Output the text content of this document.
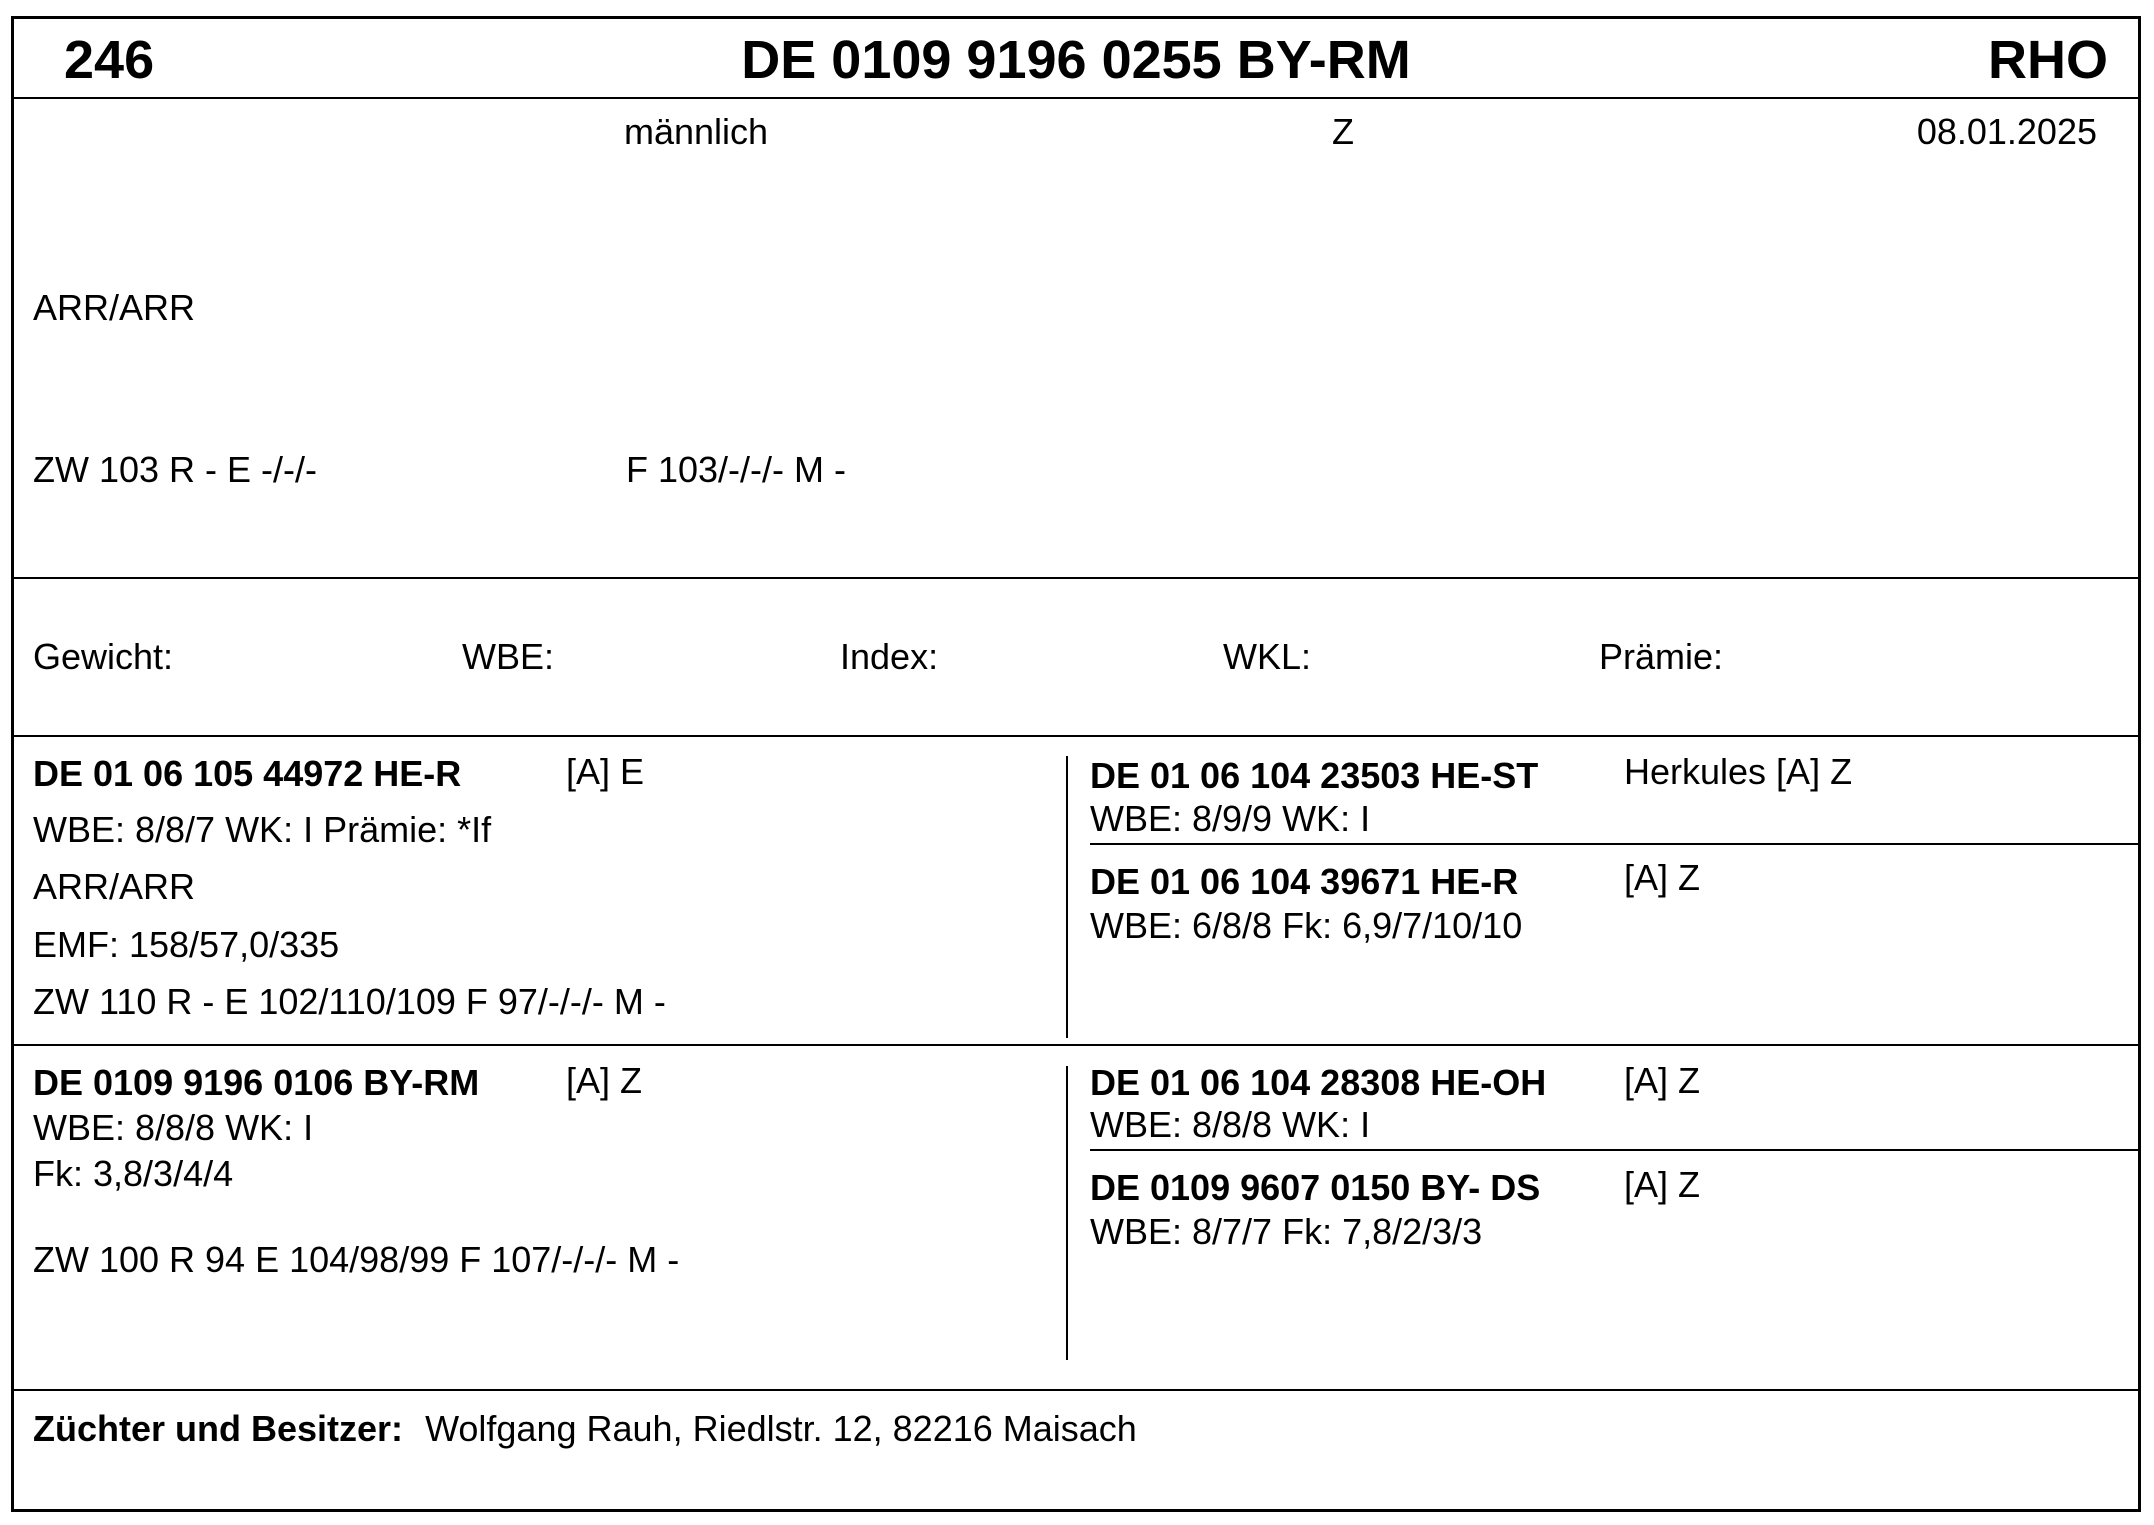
246	DE 0109 9196 0255 BY-RM	RHO
männlich	Z	08.01.2025
ARR/ARR
ZW 103 R - E -/-/-	F 103/-/-/- M -
Gewicht:	WBE:	Index:	WKL:	Prämie:
DE 01 06 105 44972 HE-R	[A] E
WBE: 8/8/7 WK: I Prämie: *If
ARR/ARR
EMF: 158/57,0/335
ZW 110 R - E 102/110/109 F 97/-/-/- M -
DE 01 06 104 23503 HE-ST Herkules [A] Z
WBE: 8/9/9 WK: I
DE 01 06 104 39671 HE-R	[A] Z
WBE: 6/8/8 Fk: 6,9/7/10/10
DE 0109 9196 0106 BY-RM [A] Z
WBE: 8/8/8 WK: I
Fk: 3,8/3/4/4
ZW 100 R 94 E 104/98/99 F 107/-/-/- M -
DE 01 06 104 28308 HE-OH [A] Z
WBE: 8/8/8 WK: I
DE 0109 9607 0150 BY- DS [A] Z
WBE: 8/7/7 Fk: 7,8/2/3/3
Züchter und Besitzer: Wolfgang Rauh, Riedlstr. 12, 82216 Maisach
